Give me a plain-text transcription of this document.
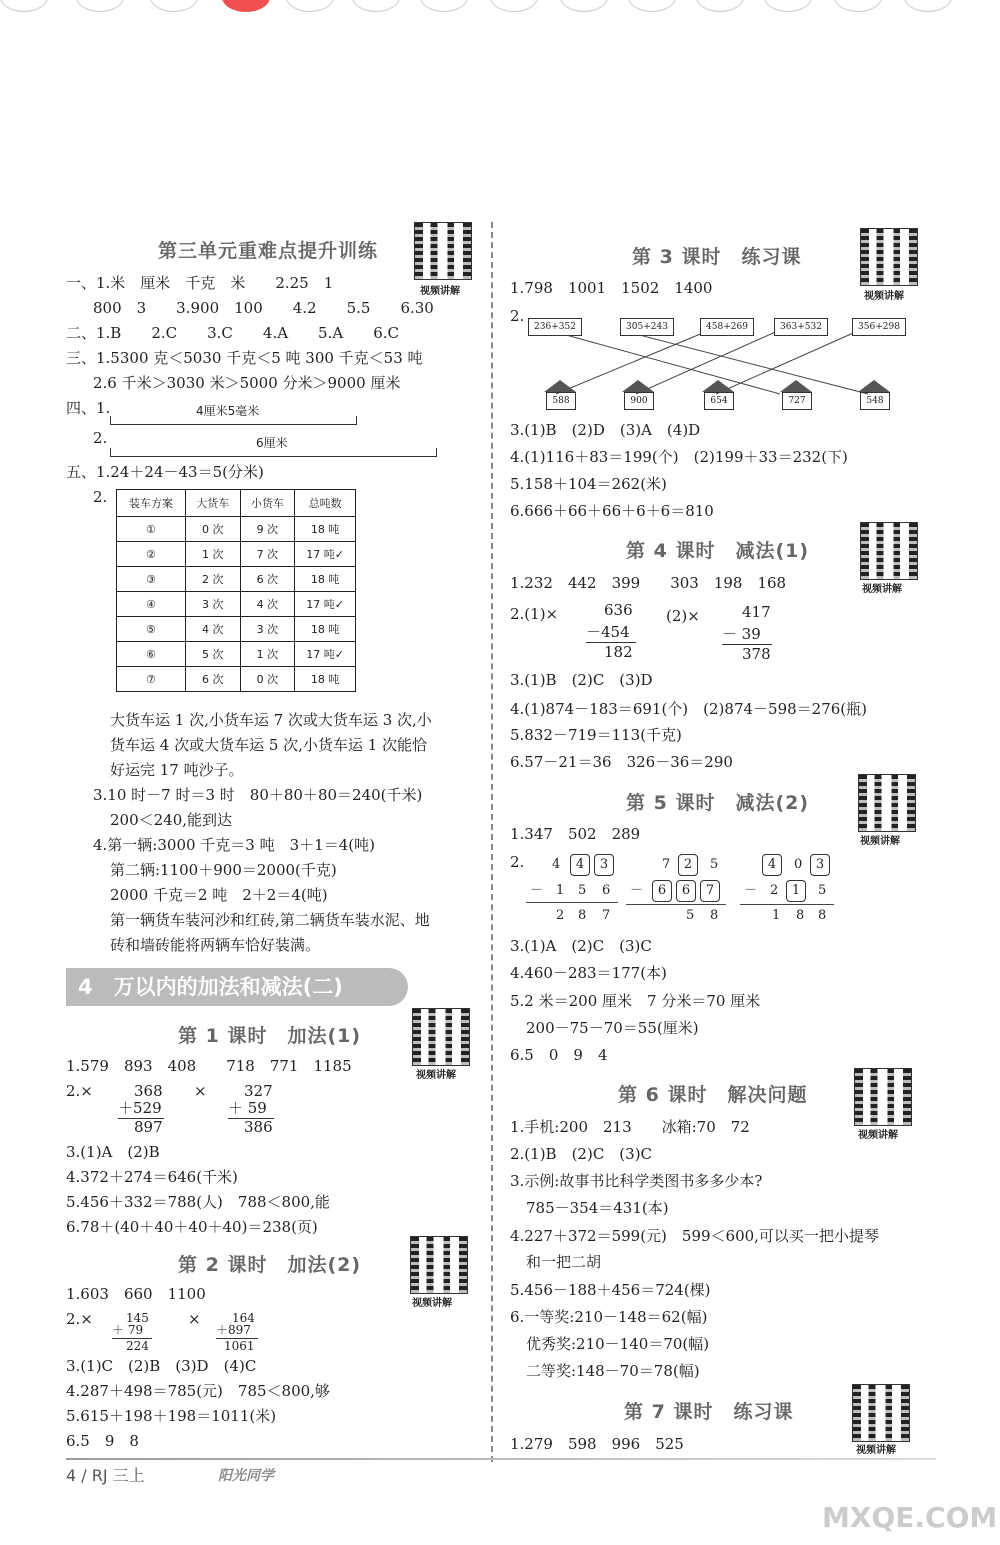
第三单元重难点提升训练
视频讲解
一、1.米　厘米　千克　米　　2.25　1
800　3　　3.900　100　　4.2　　5.5　　6.30
二、1.B　　2.C　　3.C　　4.A　　5.A　　6.C
三、1.5300 克＜5030 千克＜5 吨 300 千克＜53 吨
2.6 千米＞3030 米＞5000 分米＞9000 厘米
四、1.	4厘米5毫米
2.	6厘米
五、1.24＋24－43＝5(分米)
2. 装车方案	大货车	小货车	总吨数
①	0 次	9 次	18 吨
②	1 次	7 次	17 吨✓
③	2 次	6 次	18 吨
④	3 次	4 次	17 吨✓
⑤	4 次	3 次	18 吨
⑥	5 次	1 次	17 吨✓
⑦	6 次	0 次	18 吨
大货车运 1 次,小货车运 7 次或大货车运 3 次,小
货车运 4 次或大货车运 5 次,小货车运 1 次能恰
好运完 17 吨沙子。
3.10 时－7 时＝3 时　80＋80＋80＝240(千米)
200＜240,能到达
4.第一辆:3000 千克＝3 吨　3＋1＝4(吨)
第二辆:1100＋900＝2000(千克)
2000 千克＝2 吨　2＋2＝4(吨)
第一辆货车装河沙和红砖,第二辆货车装水泥、地
砖和墙砖能将两辆车恰好装满。
4　万以内的加法和减法(二)
第 1 课时　加法(1)
视频讲解
1.579　893　408　　718　771　1185
2.×	368
＋529
897
× 327
＋ 59
386
3.(1)A　(2)B
4.372＋274＝646(千米)
5.456＋332＝788(人)　788＜800,能
6.78＋(40＋40＋40＋40)＝238(页)
第 2 课时　加法(2)
视频讲解
1.603　660　1100
2.×	145
＋ 79
224
×	164
＋897
1061
3.(1)C　(2)B　(3)D　(4)C
4.287＋498＝785(元)　785＜800,够
5.615＋198＋198＝1011(米)
6.5　9　8
第 3 课时　练习课
视频讲解
1.798　1001　1502　1400
2.
236+352	305+243	458+269	363+532	356+298
588	900	654	727	548
3.(1)B　(2)D　(3)A　(4)D
4.(1)116＋83＝199(个)　(2)199＋33＝232(下)
5.158＋104＝262(米)
6.666＋66＋66＋6＋6＝810
第 4 课时　减法(1)
视频讲解
1.232　442　399　　303　198　168
2.(1)×	636
－454
182
(2)×	417
－ 39
378
3.(1)B　(2)C　(3)D
4.(1)874－183＝691(个)　(2)874－598＝276(瓶)
5.832－719＝113(千克)
6.57－21＝36　326－36＝290
第 5 课时　减法(2)
视频讲解
1.347　502　289
2. 4	4 3
－　1 5 6
2 8 7
7	2	5
－	6 6 7
5 8
4	0	3
－　2	1	5
1 8 8
3.(1)A　(2)C　(3)C
4.460－283＝177(本)
5.2 米＝200 厘米　7 分米＝70 厘米
200－75－70＝55(厘米)
6.5　0　9　4
第 6 课时　解决问题
视频讲解
1.手机:200　213　　冰箱:70　72
2.(1)B　(2)C　(3)C
3.示例:故事书比科学类图书多多少本?
785－354＝431(本)
4.227＋372＝599(元)　599＜600,可以买一把小提琴
和一把二胡
5.456－188＋456＝724(棵)
6.一等奖:210－148＝62(幅)
优秀奖:210－140＝70(幅)
二等奖:148－70＝78(幅)
第 7 课时　练习课
视频讲解
1.279　598　996　525
4 / RJ 三上	阳光同学
MXQE.COM
